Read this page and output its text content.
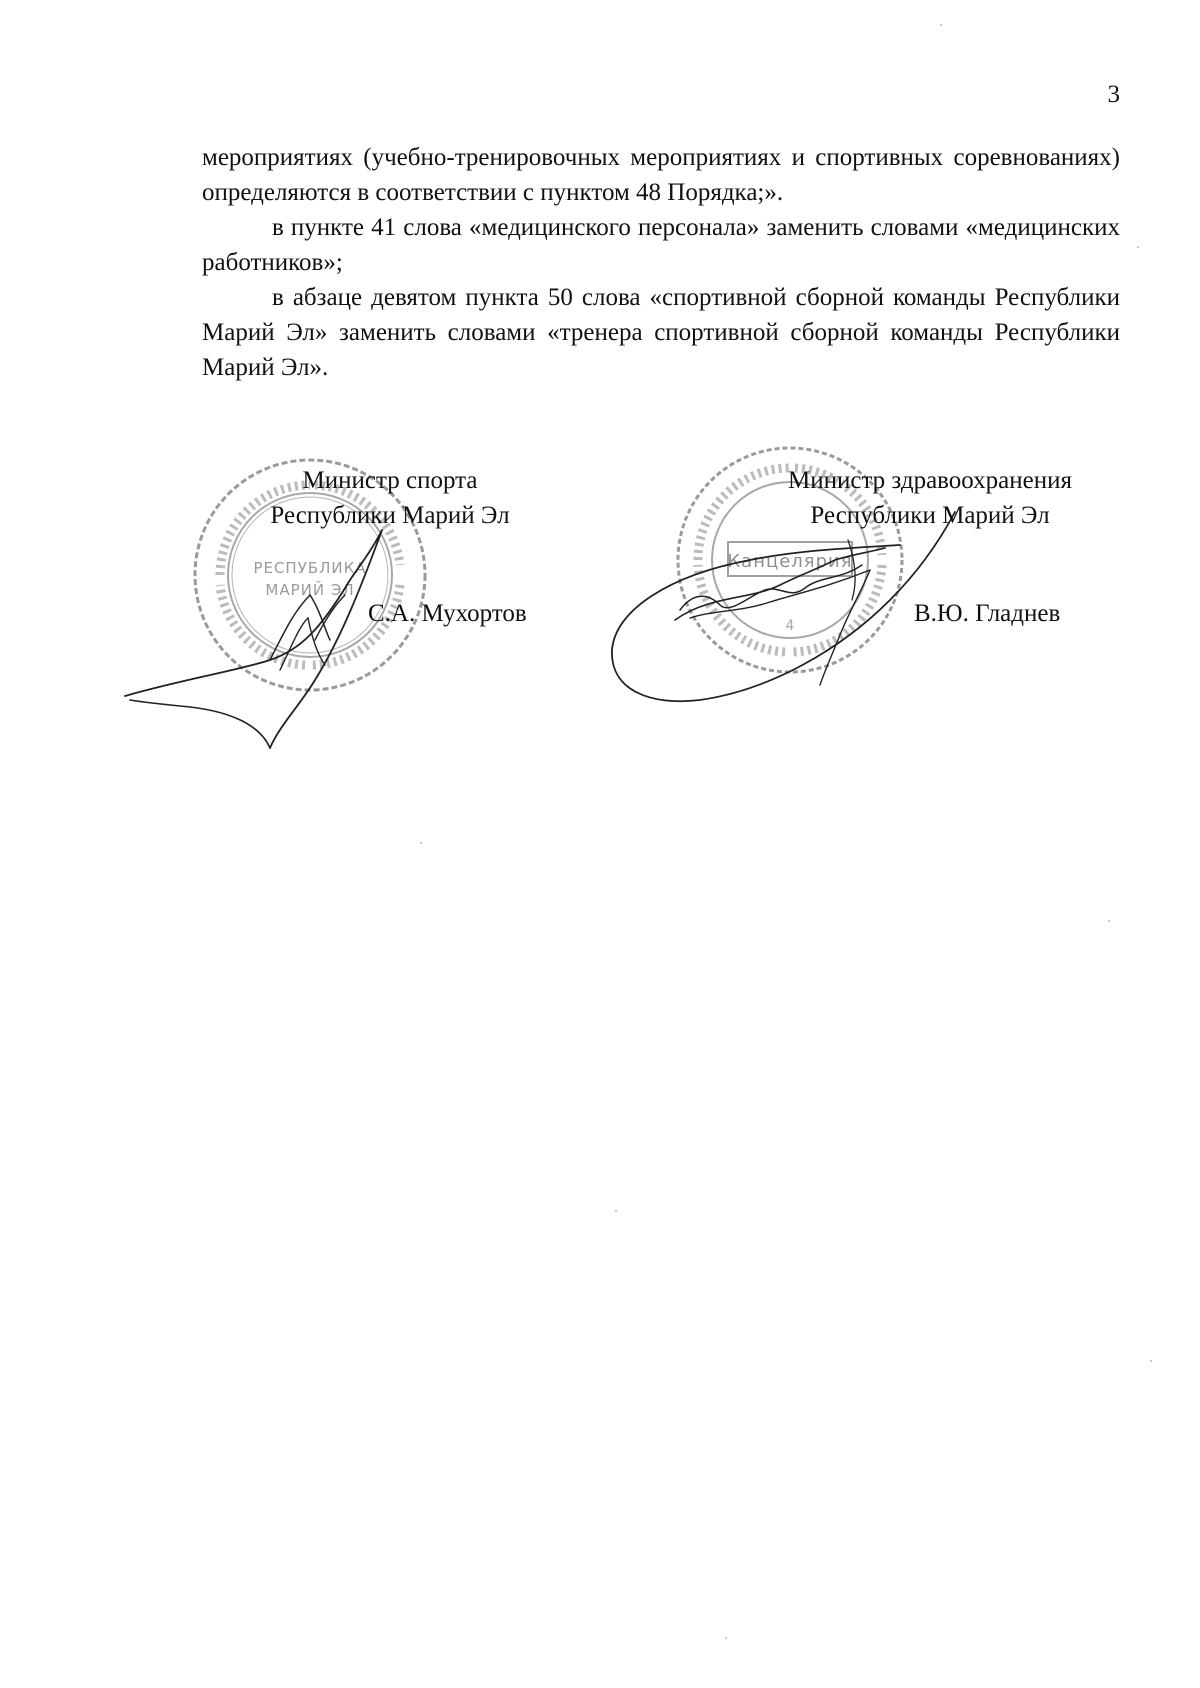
3

мероприятиях (учебно-тренировочных мероприятиях и спортивных соревнованиях) определяются в соответствии с пунктом 48 Порядка;».

в пункте 41 слова «медицинского персонала» заменить словами «медицинских работников»;

в абзаце девятом пункта 50 слова «спортивной сборной команды Республики Марий Эл» заменить словами «тренера спортивной сборной команды Республики Марий Эл».

РЕСПУБЛИКА
МАРИЙ ЭЛ
Канцелярия
4
Министр спорта
Республики Марий Эл
С.А. Мухортов
Министр здравоохранения
Республики Марий Эл
В.Ю. Гладнев
